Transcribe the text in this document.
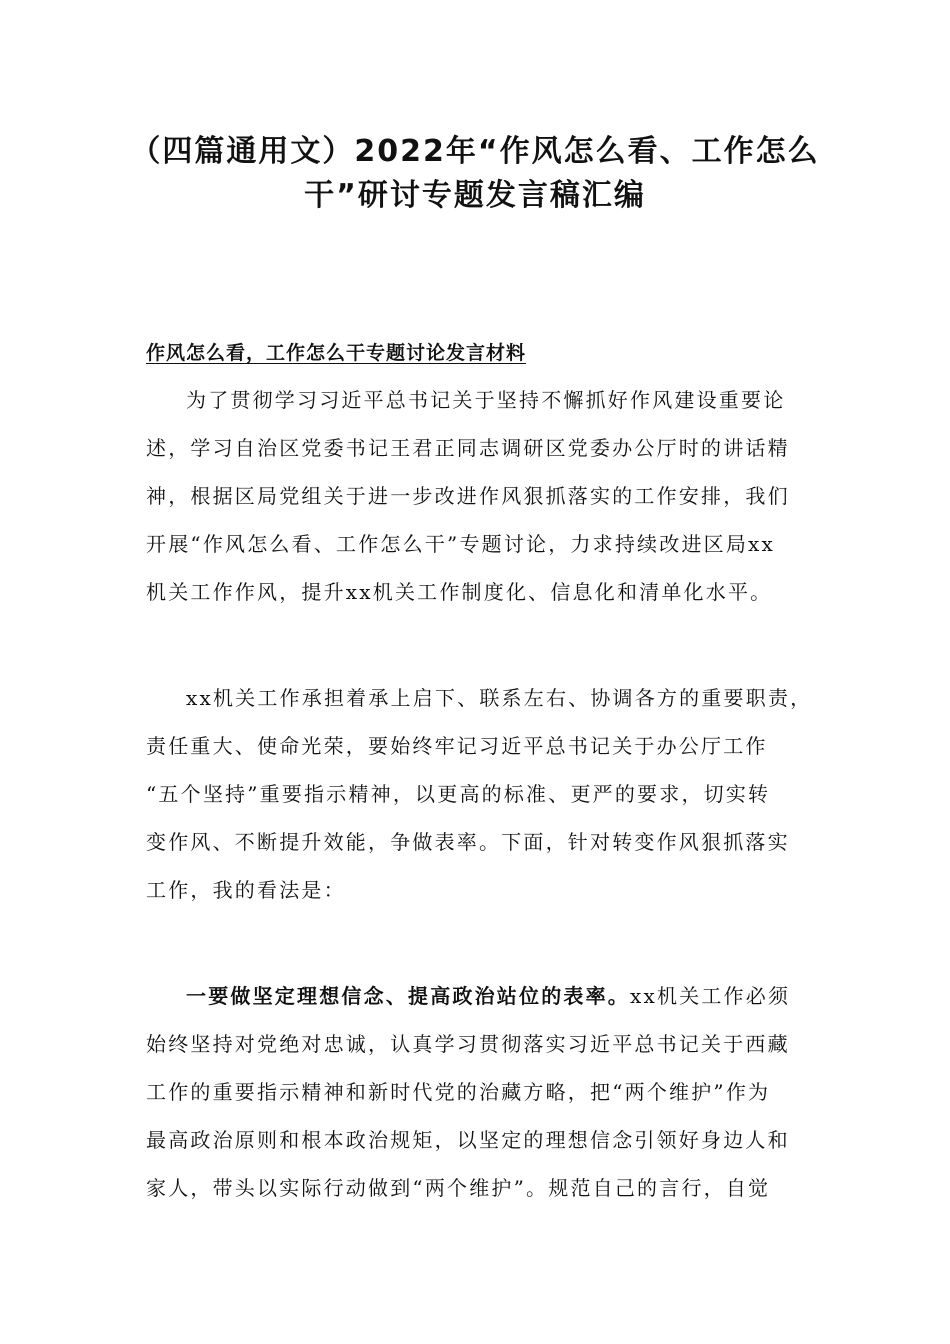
（四篇通用文）2022年“作风怎么看、工作怎么
干”研讨专题发言稿汇编
作风怎么看，工作怎么干专题讨论发言材料
为了贯彻学习习近平总书记关于坚持不懈抓好作风建设重要论
述，学习自治区党委书记王君正同志调研区党委办公厅时的讲话精
神，根据区局党组关于进一步改进作风狠抓落实的工作安排，我们
开展“作风怎么看、工作怎么干”专题讨论，力求持续改进区局xx
机关工作作风，提升xx机关工作制度化、信息化和清单化水平。
xx机关工作承担着承上启下、联系左右、协调各方的重要职责，
责任重大、使命光荣，要始终牢记习近平总书记关于办公厅工作
“五个坚持”重要指示精神，以更高的标准、更严的要求，切实转
变作风、不断提升效能，争做表率。下面，针对转变作风狠抓落实
工作，我的看法是：
一要做坚定理想信念、提高政治站位的表率。xx机关工作必须
始终坚持对党绝对忠诚，认真学习贯彻落实习近平总书记关于西藏
工作的重要指示精神和新时代党的治藏方略，把“两个维护”作为
最高政治原则和根本政治规矩，以坚定的理想信念引领好身边人和
家人，带头以实际行动做到“两个维护”。规范自己的言行，自觉
